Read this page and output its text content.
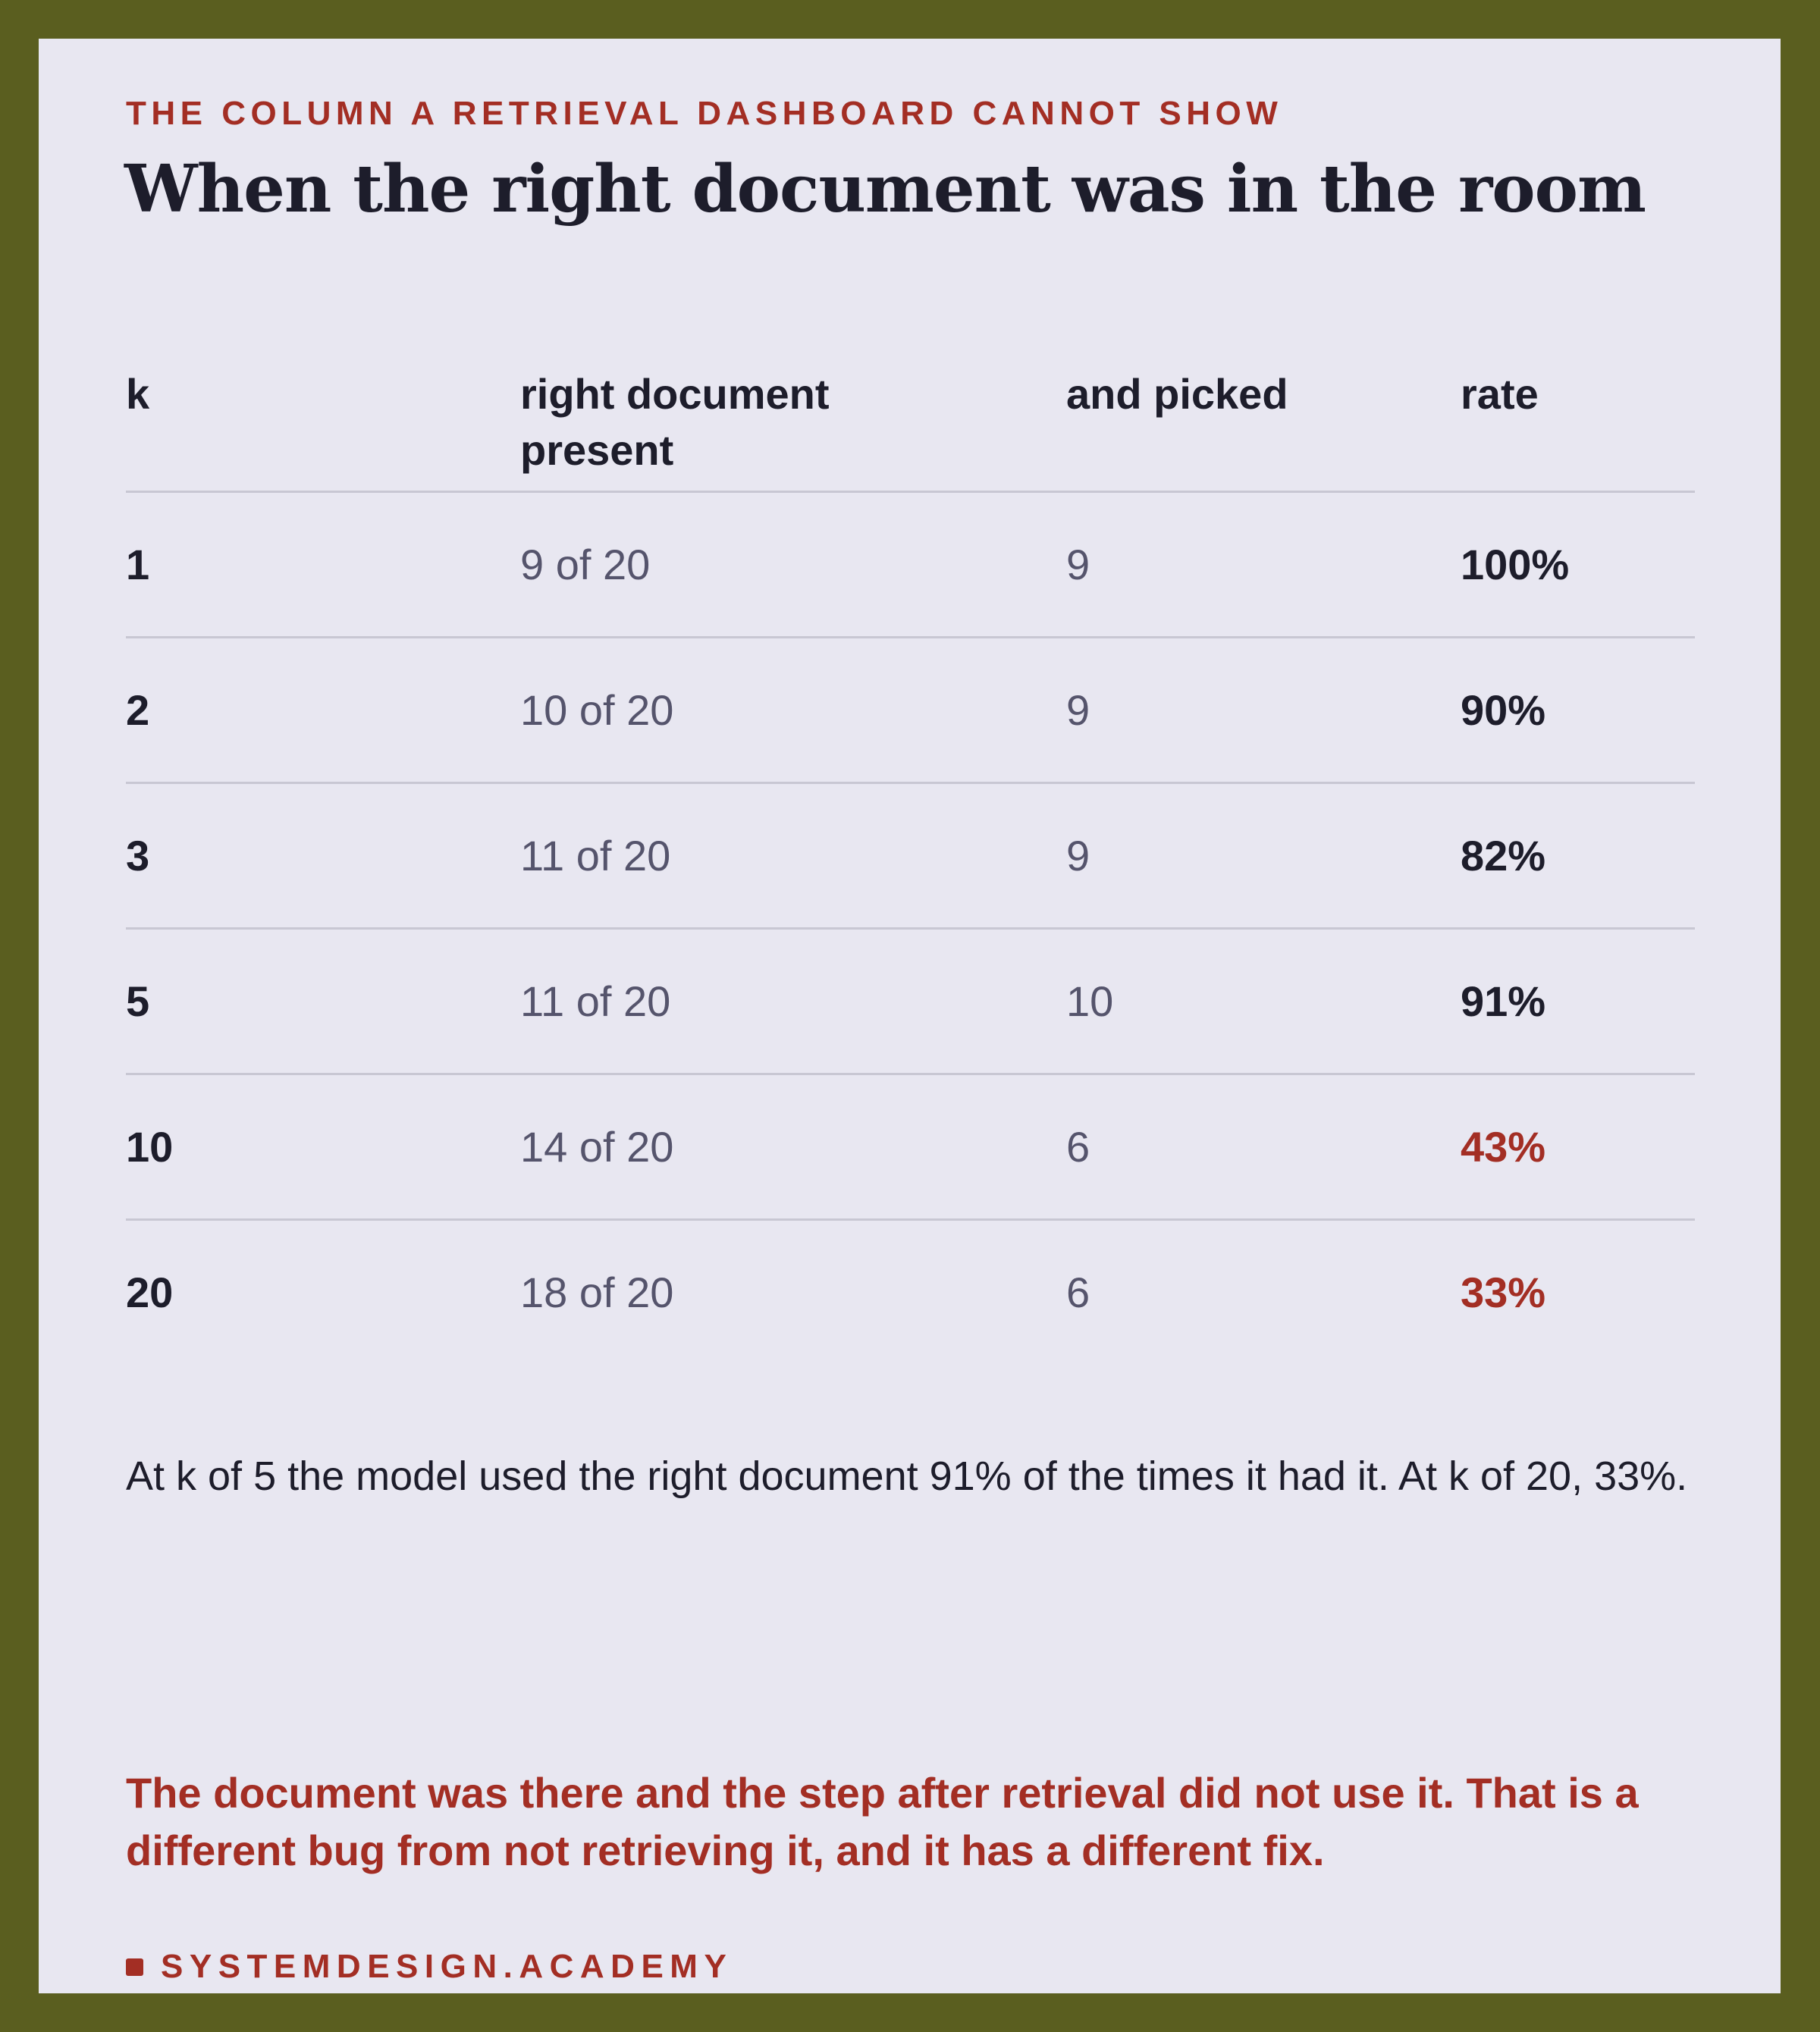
THE COLUMN A RETRIEVAL DASHBOARD CANNOT SHOW
When the right document was in the room
k	right document present	and picked	rate
1	9 of 20	9	100%
2	10 of 20	9	90%
3	11 of 20	9	82%
5	11 of 20	10	91%
10	14 of 20	6	43%
20	18 of 20	6	33%
At k of 5 the model used the right document 91% of the times it had it. At k of 20, 33%.
The document was there and the step after retrieval did not use it. That is a different bug from not retrieving it, and it has a different fix.
SYSTEMDESIGN.ACADEMY
